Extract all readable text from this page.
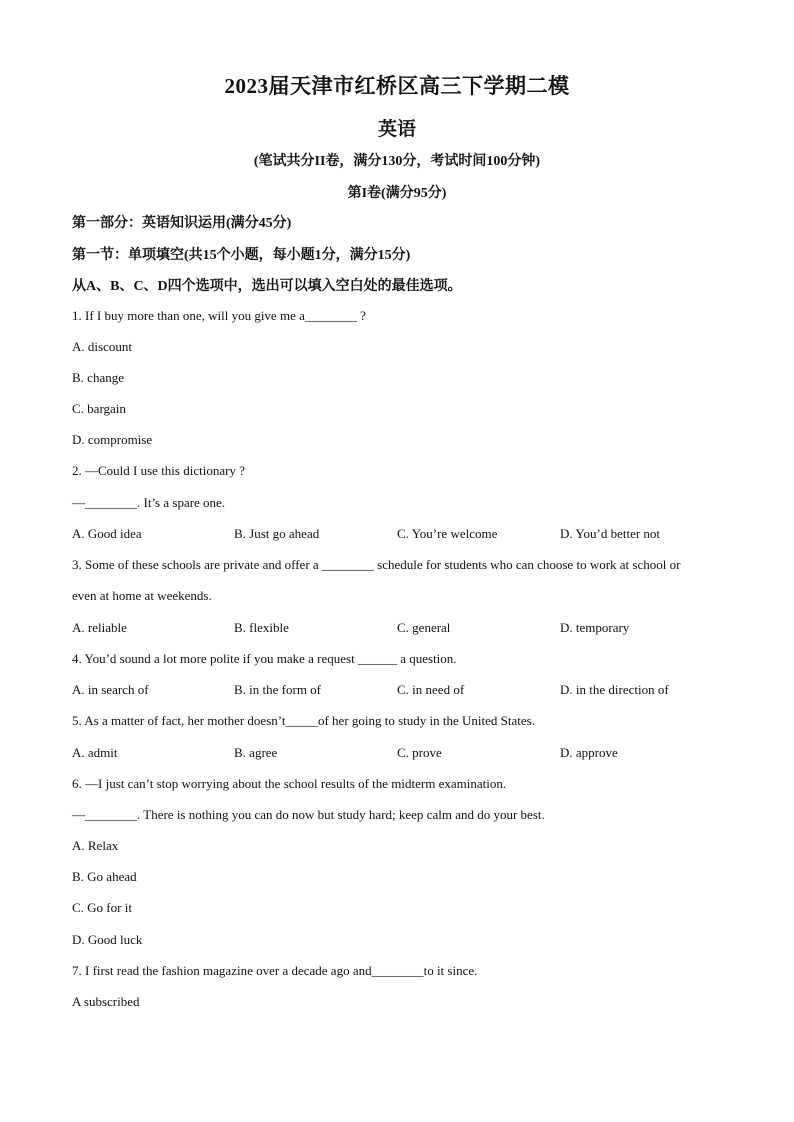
2023届天津市红桥区高三下学期二模
英语
(笔试共分II卷，满分130分，考试时间100分钟)
第I卷(满分95分)
第一部分：英语知识运用(满分45分)
第一节：单项填空(共15个小题，每小题1分，满分15分)
从A、B、C、D四个选项中，选出可以填入空白处的最佳选项。
1. If I buy more than one, will you give me a________ ?
A. discount
B. change
C. bargain
D. compromise
2. —Could I use this dictionary ?
—________. It’s a spare one.
A. Good idea	B. Just go ahead	C. You’re welcome	D. You’d better not
3. Some of these schools are private and offer a ________ schedule for students who can choose to work at school or
even at home at weekends.
A. reliable	B. flexible	C. general	D. temporary
4. You’d sound a lot more polite if you make a request ______ a question.
A. in search of	B. in the form of	C. in need of	D. in the direction of
5. As a matter of fact, her mother doesn’t_____of her going to study in the United States.
A. admit	B. agree	C. prove	D. approve
6. —I just can’t stop worrying about the school results of the midterm examination.
—________. There is nothing you can do now but study hard; keep calm and do your best.
A. Relax
B. Go ahead
C. Go for it
D. Good luck
7. I first read the fashion magazine over a decade ago and________to it since.
A subscribed
